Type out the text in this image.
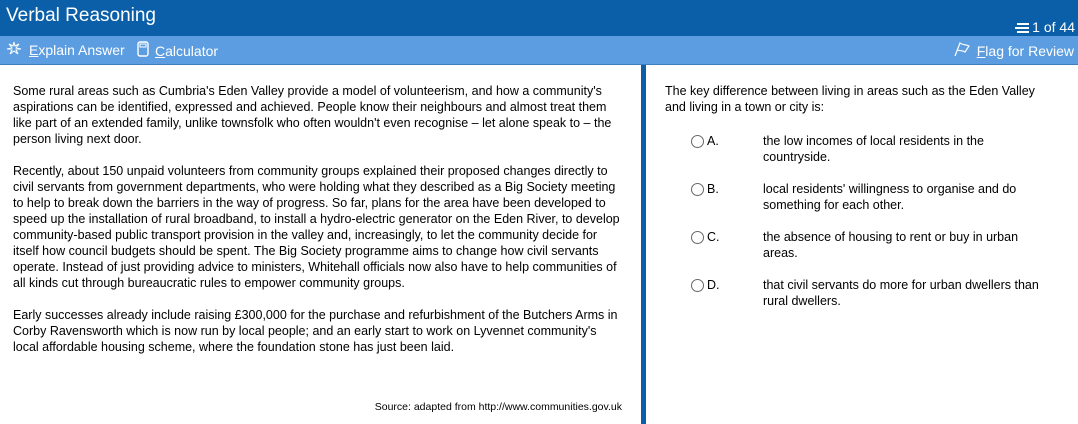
Verbal Reasoning
1 of 44
Explain Answer Calculator	Flag for Review

Some rural areas such as Cumbria's Eden Valley provide a model of volunteerism, and how a community's aspirations can be identified, expressed and achieved. People know their neighbours and almost treat them like part of an extended family, unlike townsfolk who often wouldn't even recognise – let alone speak to – the person living next door.

Recently, about 150 unpaid volunteers from community groups explained their proposed changes directly to civil servants from government departments, who were holding what they described as a Big Society meeting to help to break down the barriers in the way of progress. So far, plans for the area have been developed to speed up the installation of rural broadband, to install a hydro-electric generator on the Eden River, to develop community-based public transport provision in the valley and, increasingly, to let the community decide for itself how council budgets should be spent. The Big Society programme aims to change how civil servants operate. Instead of just providing advice to ministers, Whitehall officials now also have to help communities of all kinds cut through bureaucratic rules to empower community groups.

Early successes already include raising £300,000 for the purchase and refurbishment of the Butchers Arms in Corby Ravensworth which is now run by local people; and an early start to work on Lyvennet community's local affordable housing scheme, where the foundation stone has just been laid.

Source: adapted from http://www.communities.gov.uk
The key difference between living in areas such as the Eden Valley and living in a town or city is:
A.	the low incomes of local residents in the countryside.
B.	local residents' willingness to organise and do something for each other.
C.	the absence of housing to rent or buy in urban areas.
D.	that civil servants do more for urban dwellers than rural dwellers.
